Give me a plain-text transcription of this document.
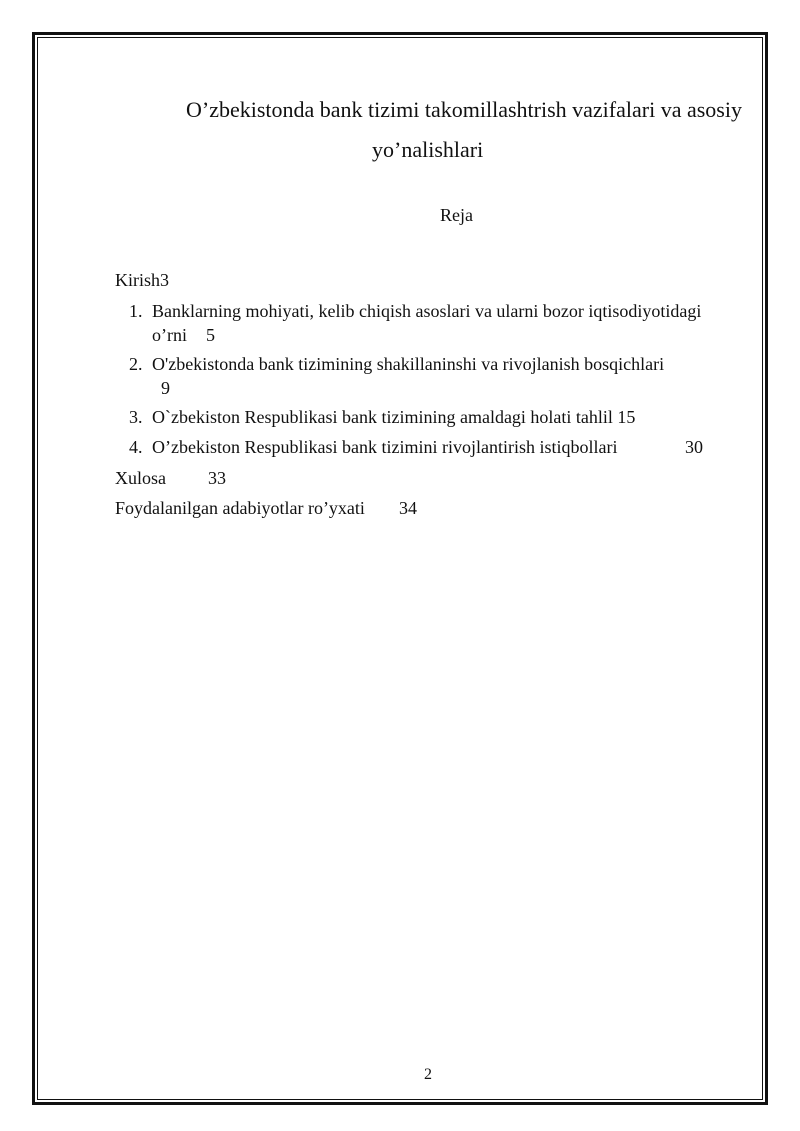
O’zbekistonda bank tizimi takomillashtrish vazifalari va asosiy
yo’nalishlari
Reja
Kirish3
1. Banklarning mohiyati, kelib chiqish asoslari va ularni bozor iqtisodiyotidagi
o’rni 5
2. O'zbekistonda bank tizimining shakillaninshi va rivojlanish bosqichlari
9
3. O`zbekiston Respublikasi bank tizimining amaldagi holati tahlil 15
4. O’zbekiston Respublikasi bank tizimini rivojlantirish istiqbollari	30
Xulosa 33
Foydalanilgan adabiyotlar ro’yxati 34
2
